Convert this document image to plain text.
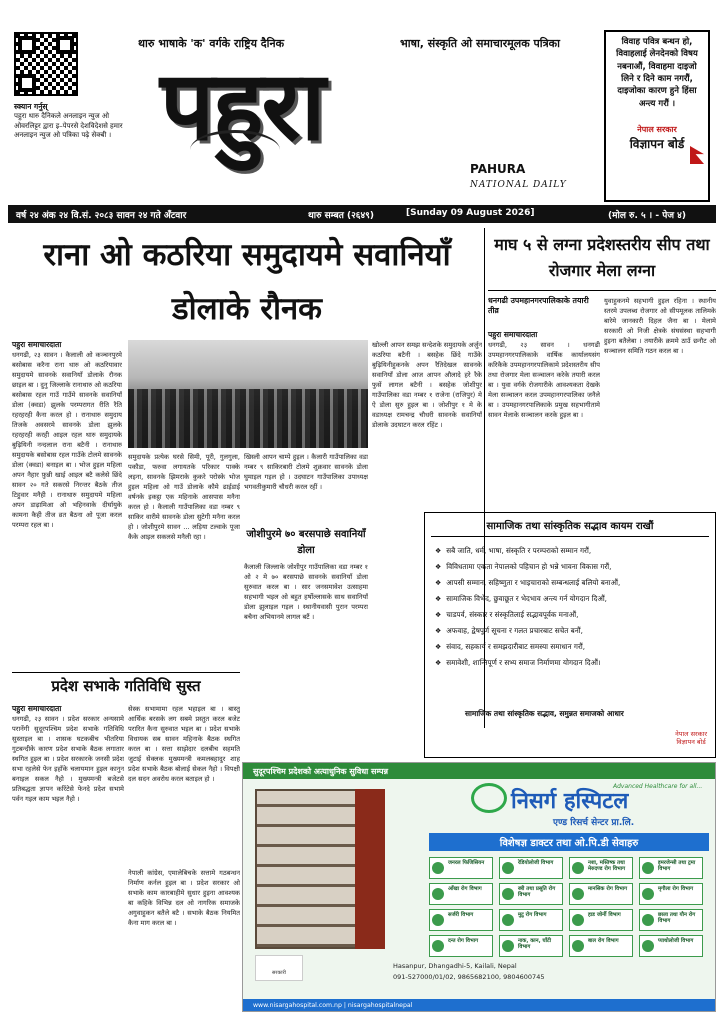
स्क्यान गर्नुस्
पहुरा थारु दैनिकले अनलाइन न्युज ओ ओवरलिट्टर द्वारा इ–पेपरसे देशविदेशसे हमार अनलाइन न्युज ओ पत्रिका पढ़े सेक्बी ।
थारु भाषाके 'क' वर्गके राष्ट्रिय दैनिक	भाषा, संस्कृति ओ समाचारमूलक पत्रिका
पहुरा
PAHURA
NATIONAL DAILY
विवाह पवित्र बन्धन हो, विवाहलाई लेनदेनको विषय नबनाऔं, विवाहमा दाइजो लिने र दिने काम नगरौं, दाइजोका कारण हुने हिंसा अन्त्य गरौं ।
नेपाल सरकार
विज्ञापन बोर्ड
वर्ष २४ अंक २४ वि.सं. २०८३ सावन २४ गते अँटवार	थारु सम्बत (२६४९)	[Sunday 09 August 2026]	(मोल रु. ५ । - पेज ४)
राना ओ कठरिया समुदायमे सवानियाँ डोलाके रौनक
माघ ५ से लग्ना प्रदेशस्तरीय सीप तथा रोजगार मेला लग्ना
धनगढी उपमहानगरपालिकाके तयारी तीव्र
पहुरा समाचारदाता
धनगढी, २३ सावन । धनगढी उपमहानगरपालिकाके वार्षिक कार्यालयसंग करिकैके उपमहानगरपालिकामे प्रदेशस्तरीय सीप तथा रोजगार मेला सञ्चालन करेके तयारी करल बा । युवा वर्गके रोजगारीके आवश्यकता देखके मेला सञ्चालन करल उपमहानगरपालिका जनैले बा । उपमहानगरपालिकाके प्रमुख सहभागीतामे सावन मेलाके सञ्चालन करके हुइल बा ।
युवाहुकनमे सहभागी हुइल रहिना । स्थानीय स्तरमे उपलब्ध रोजगार ओ सीपमूलक तालिमके बारेमे जानकारी दिहल जैना बा । मेलामे सरकारी ओ निजी क्षेत्रके संघसंस्था सहभागी हुइना बतैलेबा । तयारीके क्रममे ठाउँ छनौट ओ सञ्चालन समिति गठन करल बा ।
पहुरा समाचारदाता
धनगढी, २३ सावन । कैलाली ओ कञ्चनपुरमे बसोबास करैना राना थारु ओ कठरियावार समुदायमे सावनके सवानियाँ डोलाके रौनक छाइल बा । दुनु जिल्लाके रानाथारु ओ कठरिया बसोबास रहल गाउँ गाउँमे सावनके सवानियाँ डोला (क्वडा) झुलके परम्परागत रीति रैति रहरहरही कैना करल हो । रानाथारु समुदाय तिजके अवसरमे सावनके डोला झुलके रहरहरही करही आइल रहल थारु समुदायके बुढ़ियिनी नन्दलाल राना बटैनी । रानाथारु समुदायके बसोबास रहल गाउँके टोलमे सावनके डोला (क्वडा) बनाइल बा । भोज हुइल महिला अपन नैहार फ़ुन्नी खाई आइल बटै कलेसे छिंदे सावन २० गते सकरसे निरन्तर बैठके तीज टिहुवार मनैही । रानाथारु समुदायमे महिला अपन डाढ़ामिआ ओ भहिनवाके दीर्घायुके कामना कैही तीज व्रत बैठना ओ पूजा करल परम्परा रहल बा ।
समुदायके प्रत्येक घरसे सिमी, पूरी, गुलगुला, पकौडा, फरुवा लगायतके परिकार पाक्के लइना, सावनके झिमराके कुकरे परोस्के भोज हुइल महिला ओ गाउँ डोलाके कौमे ढाईडाई वर्षनके इकट्ठा एक महिनाके आसपास मनैना करल हो । कैलाली गाउँपालिका वडा नम्बर ९ साकिर वारीमे सावनके डोला सुटेगी मनैना करल हो । जोशीपुरमे सावन ... लड़िया टल्वाके पूजा कैके आइल सकलसे मनैली रहा ।
खिस्ली आपन चाम्पे हुइल । कैलारी गाउँपालिका वडा नम्बर ९ साकिरबारी टोलमे शुक्रवार सावनके डोला घुमाइल गइल हो । उदघाटन गाउँपालिका उपाध्यक्ष भगवतीकुमारी चौधरी करल रहीं ।
जोशीपुरमे ७० बरसपाछे सवानियाँ डोला
कैलाली जिल्लाके जोशीपुर गाउँपालिका वडा नम्बर १ ओ २ मे ७० बरसपाछे सावनके सवानियाँ डोला सुरुवात करल बा । सार जनसमावेश उत्साहमा सहभागी भइल ओ बहुत हर्षोल्लासके साथ सवानियाँ डोला झुलाइल गइल । स्थानीयवासी पुरान परम्परा बचैना अभियानमे लागल बटैं ।
खोल्ली आपन समझ सन्देशके समुदायके अर्जुन कठरिया बटैनी । बसहेक छिंदे गाउँके बुढ़ियिनीहुकनके अपन रैतिदेखल सावनके सवानियाँ डोला आज आपन औलादे हरे रैके फुसें लागल बटैनी । बसहेक जोशीपुर गाउँपालिका वडा नम्बर १ राजेना (राजिपुर) मे ऐ डोला सुरु हुइल बा । जोशीपुर १ मे के वडाध्यक्ष रामचन्द्र चौधरी सावनके सवानियाँ डोलाके उदघाटन करल रहिंट ।
सामाजिक तथा सांस्कृतिक सद्भाव कायम राखौं
❖ सबै जाति, धर्म, भाषा, संस्कृति र परम्पराको सम्मान गरौं,
❖ विविधतामा एकता नेपालको पहिचान हो भन्ने भावना विकास गरौं,
❖ आपसी सम्मान, सहिष्णुता र भाइचाराको सम्बन्धलाई बलियो बनाऔं,
❖ सामाजिक विभेद, छुवाछूत र भेदभाव अन्त्य गर्न योगदान दिऔं,
❖ चाडपर्व, संस्कार र संस्कृतिलाई सद्भावपूर्वक मनाऔं,
❖ अफवाह, द्वेषपूर्ण सूचना र गलत प्रचारबाट सचेत बनौं,
❖ संवाद, सहकार्य र समझदारीबाट समस्या समाधान गरौं,
❖ समावेशी, शान्तिपूर्ण र सभ्य समाज निर्माणमा योगदान दिऔं।
सामाजिक तथा सांस्कृतिक सद्भाव, समुन्नत समाजको आधार
नेपाल सरकार
विज्ञापन बोर्ड
प्रदेश सभाके गतिविधि सुस्त
पहुरा समाचारदाता
धनगढी, २३ सावन । प्रदेश सरकार अन्यसामे परानेंगी सुदूरपश्चिम प्रदेश सभाके गतिविधि सुस्ताइल बा । शासक घटकबीच भीतरिया गुटबन्दीके कारण प्रदेश सभाके बैठक लगातार स्थगित हुइल बा । प्रदेश सरकारके जनसी प्रदेश सभा रहलेसे फेन इहाँके चलायमान हुइल कानुन बनाइल सकल नैहो । मुख्यमन्त्री बजेटसे प्रतिबद्धता ज्ञापन करिंटेसे फेनदे प्रदेश सभामे पर्वन गइल काम भइल नैहो ।
सेस्क सभामामा रहल भहाइल बा । बास्तु आर्थिक बरसके लग सबमे प्रस्तुत करल बजेट परारित कैना सुरुवात भइल बा । प्रदेश सभाके विधायक सब सावन महिनाके बैठक स्थगित करल बा । सत्ता साझेदार दलबीच सहमति जुटाई सेक्लक मुख्यमन्त्री कमलबहादुर शाह प्रदेश सभाके बैठक बोलाई सेकल नैहो । विपक्षी दल सदन अवरोध करल बताइल हो ।
नेपाली कांग्रेस, एमालेबिचके सत्तामे गठबन्धन निर्माण कर्नल हुइल बा । प्रदेश सरकार ओ सभाके काम कारबाहीमे सुधार हुइना आवश्यक बा कहिके विभिन्न दल ओ नागरिक समाजके अगुवाहुकन बतैले बटै । सभाके बैठक नियमित कैना माग करल बा ।
सुदूरपश्चिम प्रदेशको अत्याधुनिक सुविधा सम्पन्न
Advanced Healthcare for all...
निसर्ग हस्पिटल
एण्ड रिसर्च सेन्टर प्रा.लि.
विशेषज्ञ डाक्टर तथा ओ.पि.डी सेवाहरु
जनरल फिजिसियन	रेडियोलोजी विभाग	नशा, मस्तिष्क तथा मेरुदण्ड रोग विभाग
इमरजेन्सी तथा ट्रमा विभाग
आँखा रोग विभाग	स्त्री तथा प्रसूति रोग विभाग
मानसिक रोग विभाग	मृगौला रोग विभाग
सर्जरी विभाग	मुटु रोग विभाग	हाड जोर्नी विभाग	छाला तथा यौन रोग विभाग
दन्त रोग विभाग	नाक, कान, घाँटी विभाग
बाल रोग विभाग	प्याथोलोजी विभाग
सरकारी
Hasanpur, Dhangadhi-5, Kailali, Nepal
091-527000/01/02, 9865682100, 9804600745
www.nisargahospital.com.np | nisargahospitalnepal
